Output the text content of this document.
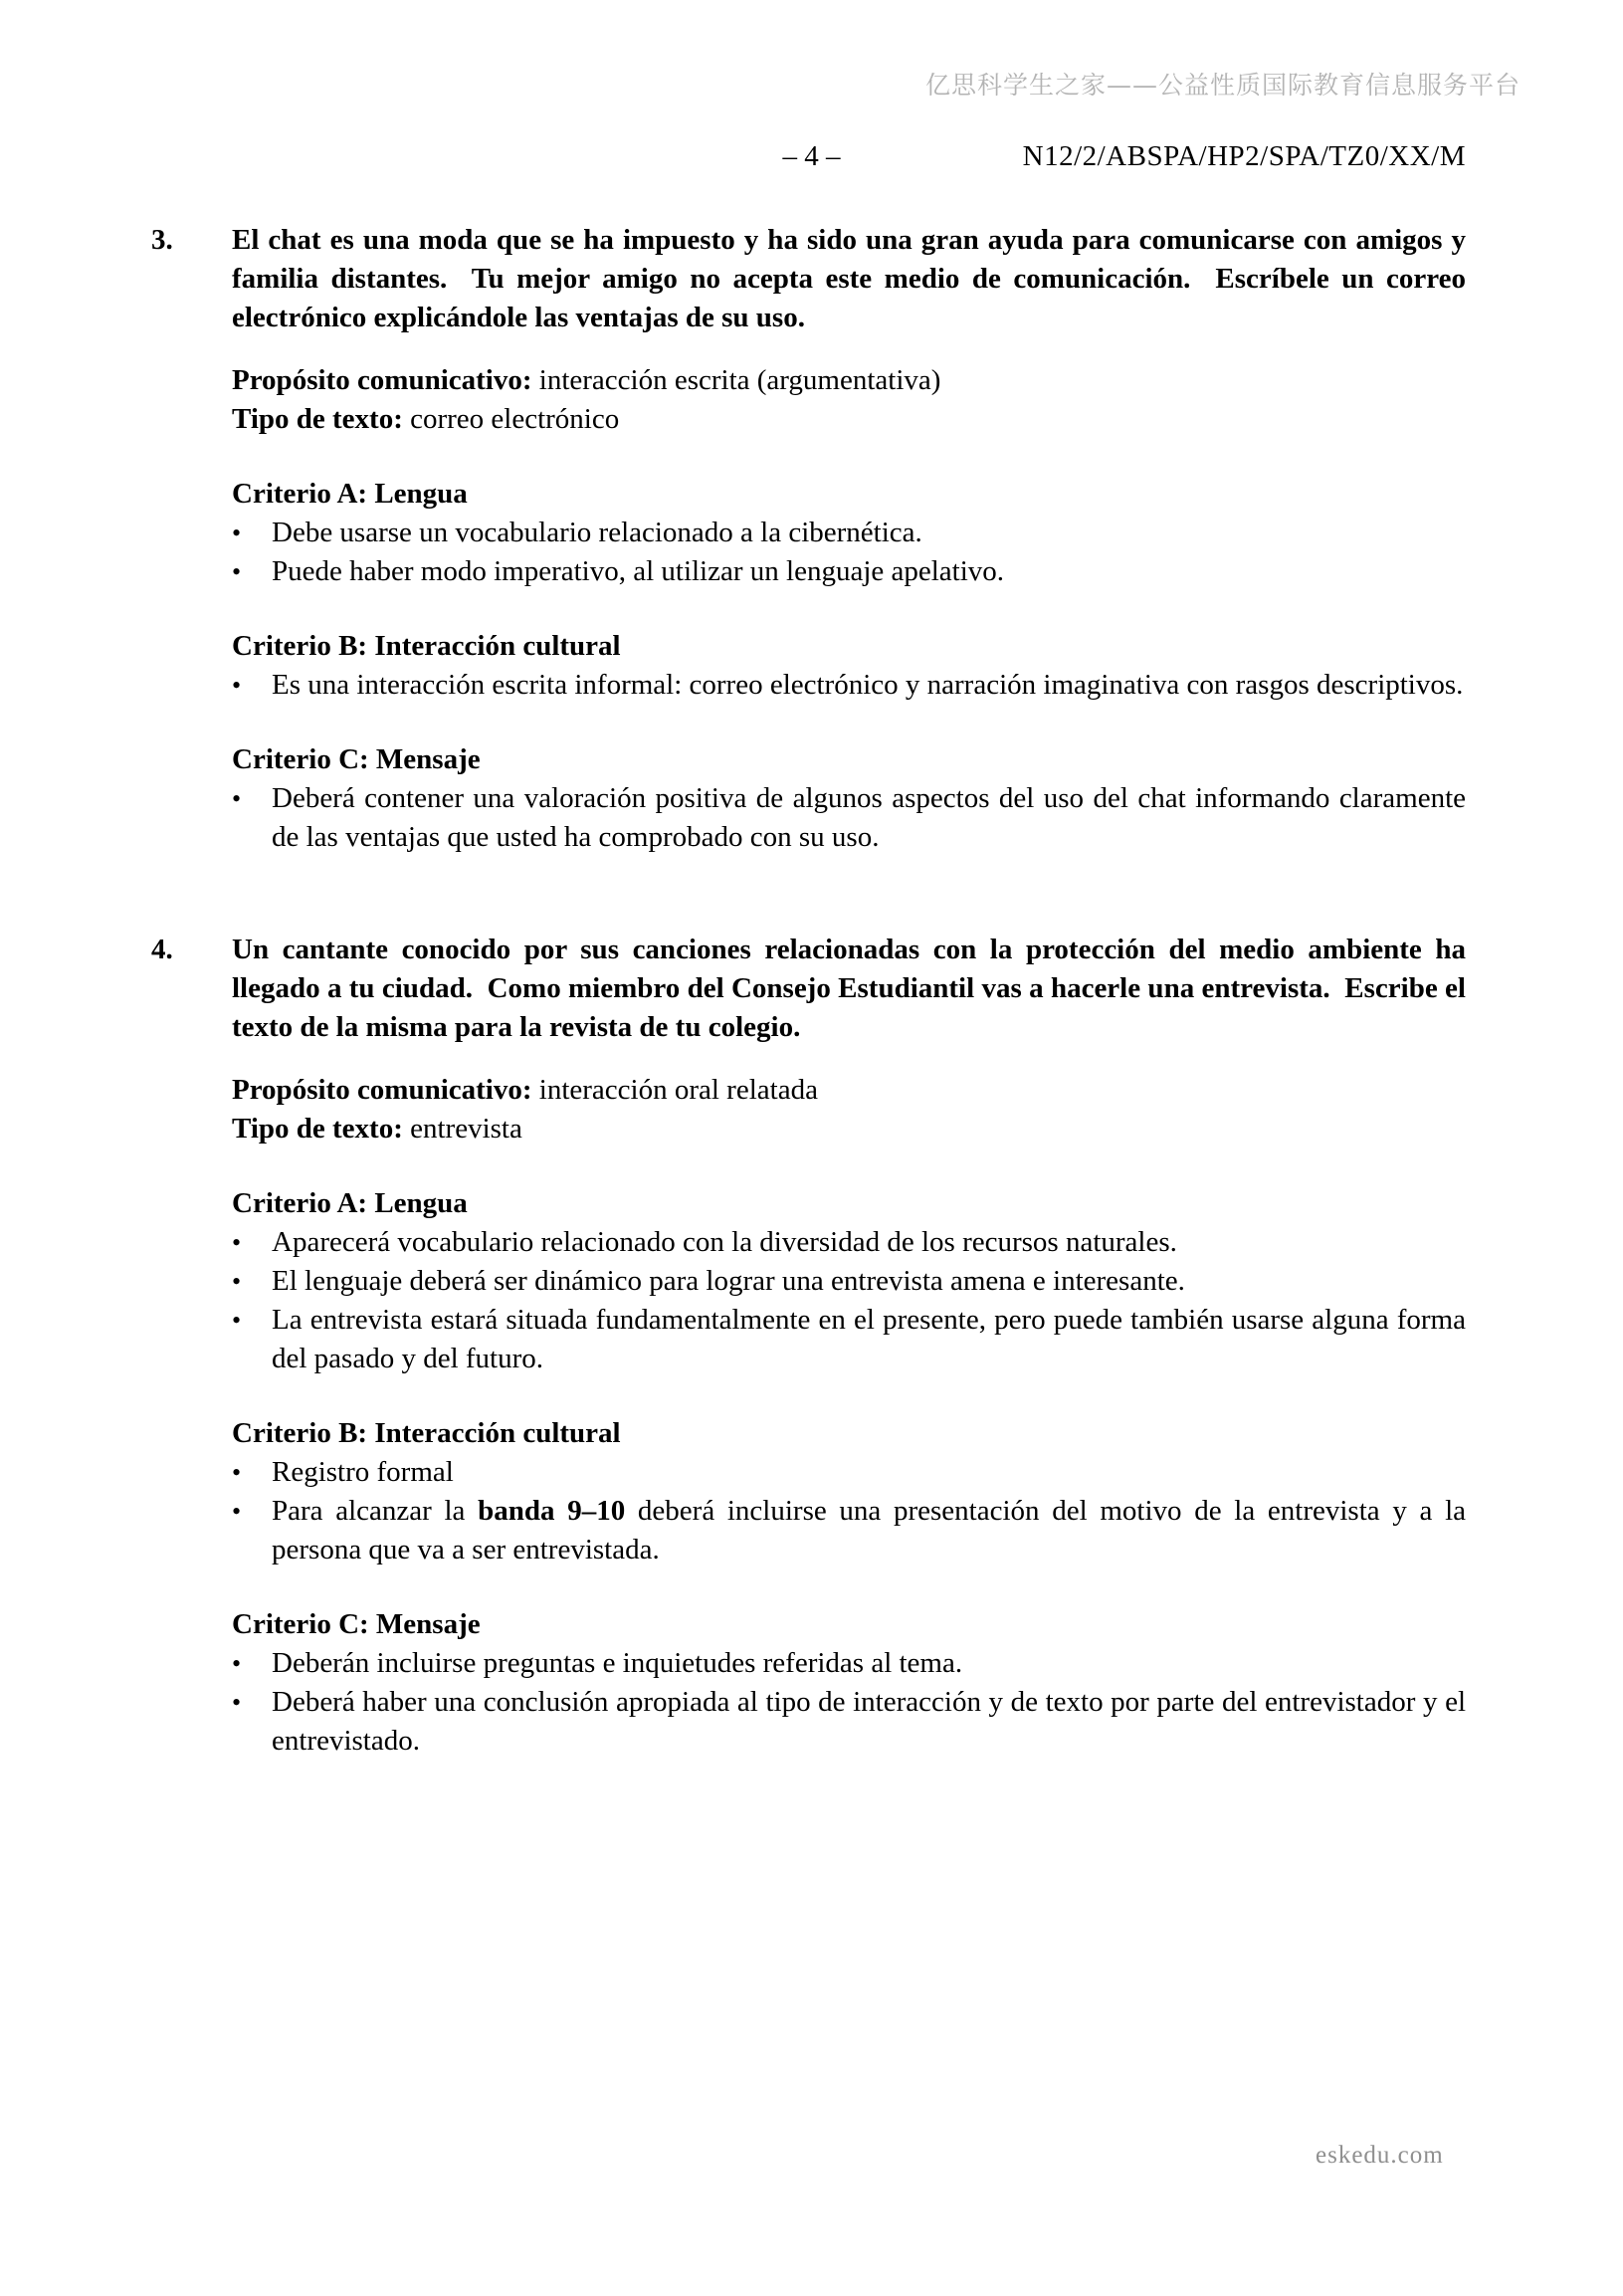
亿思科学生之家——公益性质国际教育信息服务平台
– 4 –	N12/2/ABSPA/HP2/SPA/TZ0/XX/M
3. El chat es una moda que se ha impuesto y ha sido una gran ayuda para comunicarse con amigos y familia distantes.  Tu mejor amigo no acepta este medio de comunicación.  Escríbele un correo electrónico explicándole las ventajas de su uso.

Propósito comunicativo: interacción escrita (argumentativa)

Tipo de texto: correo electrónico

Criterio A: Lengua
•	Debe usarse un vocabulario relacionado a la cibernética.

•	Puede haber modo imperativo, al utilizar un lenguaje apelativo.

Criterio B: Interacción cultural
•	Es una interacción escrita informal: correo electrónico y narración imaginativa con rasgos descriptivos.

Criterio C: Mensaje
•	Deberá contener una valoración positiva de algunos aspectos del uso del chat informando claramente de las ventajas que usted ha comprobado con su uso.

4. Un cantante conocido por sus canciones relacionadas con la protección del medio ambiente ha llegado a tu ciudad.  Como miembro del Consejo Estudiantil vas a hacerle una entrevista.  Escribe el texto de la misma para la revista de tu colegio.

Propósito comunicativo: interacción oral relatada

Tipo de texto: entrevista

Criterio A: Lengua
•	Aparecerá vocabulario relacionado con la diversidad de los recursos naturales.

•	El lenguaje deberá ser dinámico para lograr una entrevista amena e interesante.

•	La entrevista estará situada fundamentalmente en el presente, pero puede también usarse alguna forma del pasado y del futuro.

Criterio B: Interacción cultural
•	Registro formal

•	Para alcanzar la banda 9–10 deberá incluirse una presentación del motivo de la entrevista y a la persona que va a ser entrevistada.

Criterio C: Mensaje
•	Deberán incluirse preguntas e inquietudes referidas al tema.

•	Deberá haber una conclusión apropiada al tipo de interacción y de texto por parte del entrevistador y el entrevistado.

eskedu.com
